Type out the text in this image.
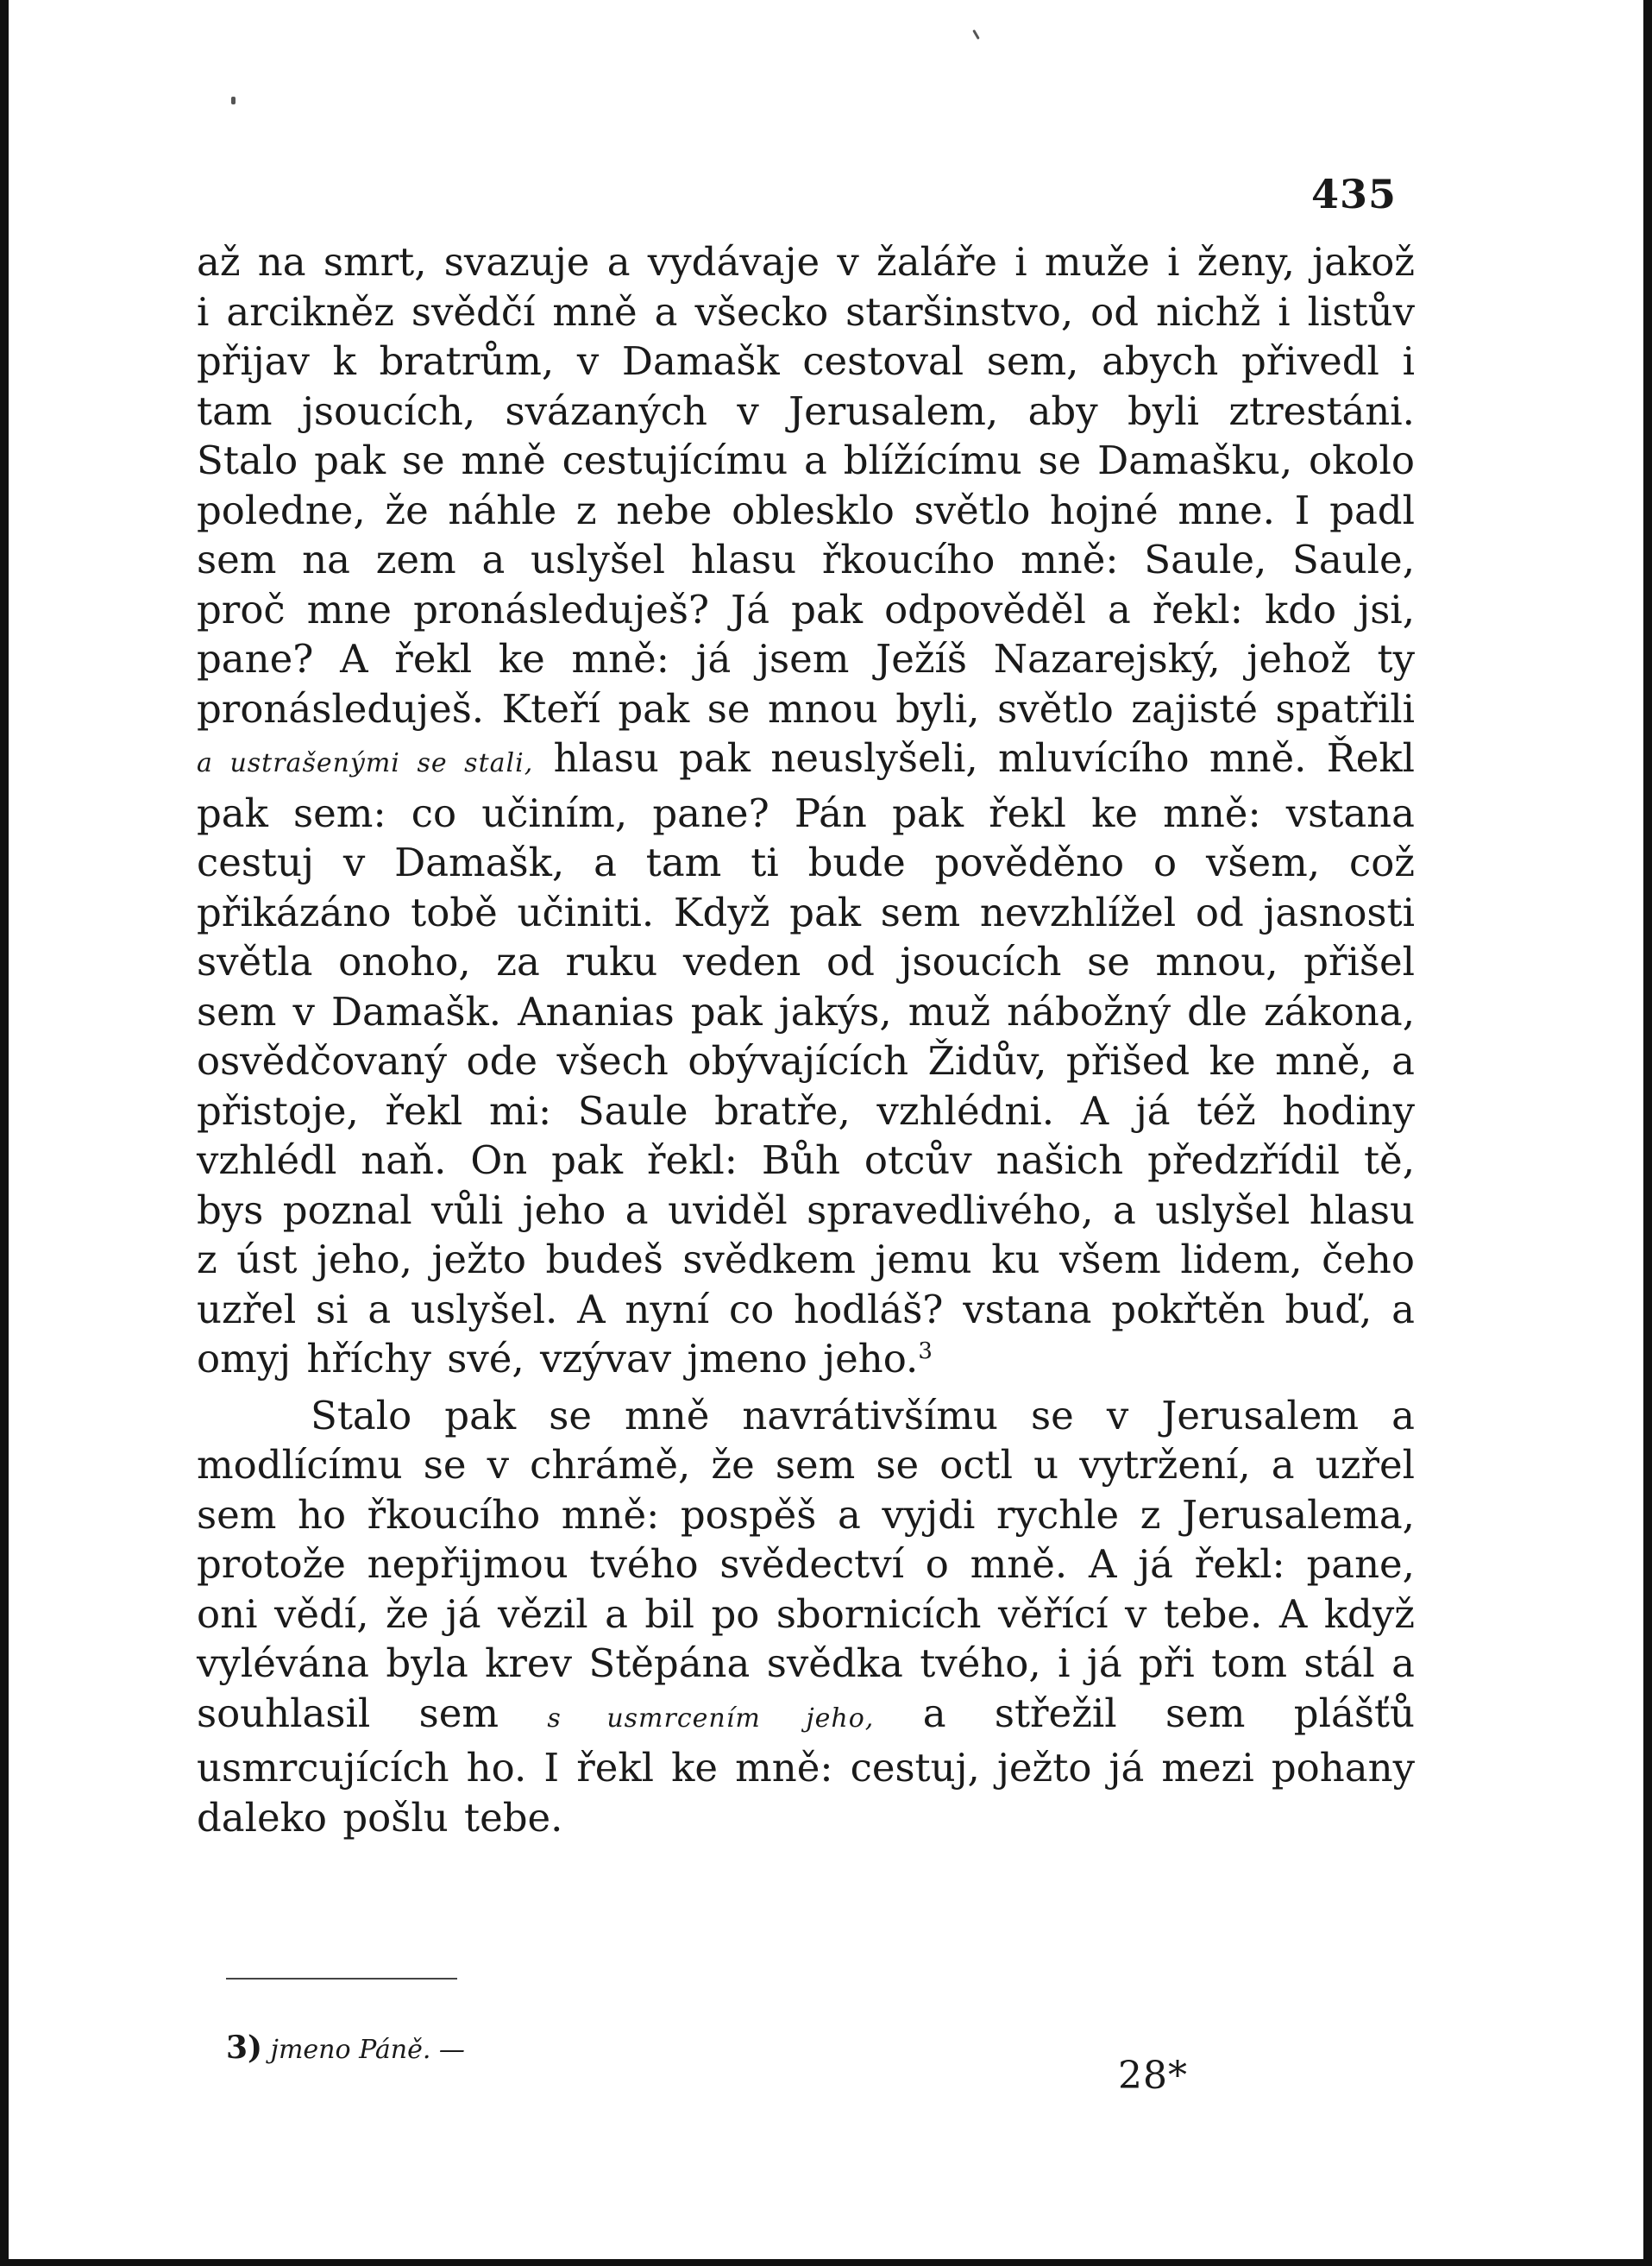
435

až na smrt, svazuje a vydávaje v žaláře i muže i ženy, jakož i arcikněz svědčí mně a všecko staršinstvo, od nichž i listův přijav k bratrům, v Damašk cestoval sem, abych přivedl i tam jsoucích, svázaných v Jerusalem, aby byli ztrestáni. Stalo pak se mně cestujícímu a blížícímu se Damašku, okolo poledne, že náhle z nebe oblesklo světlo hojné mne. I padl sem na zem a uslyšel hlasu řkoucího mně: Saule, Saule, proč mne pronásleduješ? Já pak odpověděl a řekl: kdo jsi, pane? A řekl ke mně: já jsem Ježíš Nazarejský, jehož ty pronásleduješ. Kteří pak se mnou byli, světlo zajisté spatřili a ustrašenými se stali, hlasu pak neuslyšeli, mluvícího mně. Řekl pak sem: co učiním, pane? Pán pak řekl ke mně: vstana cestuj v Damašk, a tam ti bude pověděno o všem, což přikázáno tobě učiniti. Když pak sem nevzhlížel od jasnosti světla onoho, za ruku veden od jsoucích se mnou, přišel sem v Damašk. Ananias pak jakýs, muž nábožný dle zákona, osvědčovaný ode všech obývajících Židův, přišed ke mně, a přistoje, řekl mi: Saule bratře, vzhlédni. A já též hodiny vzhlédl naň. On pak řekl: Bůh otcův našich předzřídil tě, bys poznal vůli jeho a uviděl spravedlivého, a uslyšel hlasu z úst jeho, ježto budeš svědkem jemu ku všem lidem, čeho uzřel si a uslyšel. A nyní co hodláš? vstana pokřtěn buď, a omyj hříchy své, vzývav jmeno jeho.$^3$

Stalo pak se mně navrátivšímu se v Jerusalem a modlícímu se v chrámě, že sem se octl u vytržení, a uzřel sem ho řkoucího mně: pospěš a vyjdi rychle z Jerusalema, protože nepřijmou tvého svědectví o mně. A já řekl: pane, oni vědí, že já vězil a bil po sbornicích věřící v tebe. A když vylévána byla krev Stěpána svědka tvého, i já při tom stál a souhlasil sem s usmrcením jeho, a střežil sem plášťů usmrcujících ho. I řekl ke mně: cestuj, ježto já mezi pohany daleko pošlu tebe.

3) jmeno Páně. —
28*
